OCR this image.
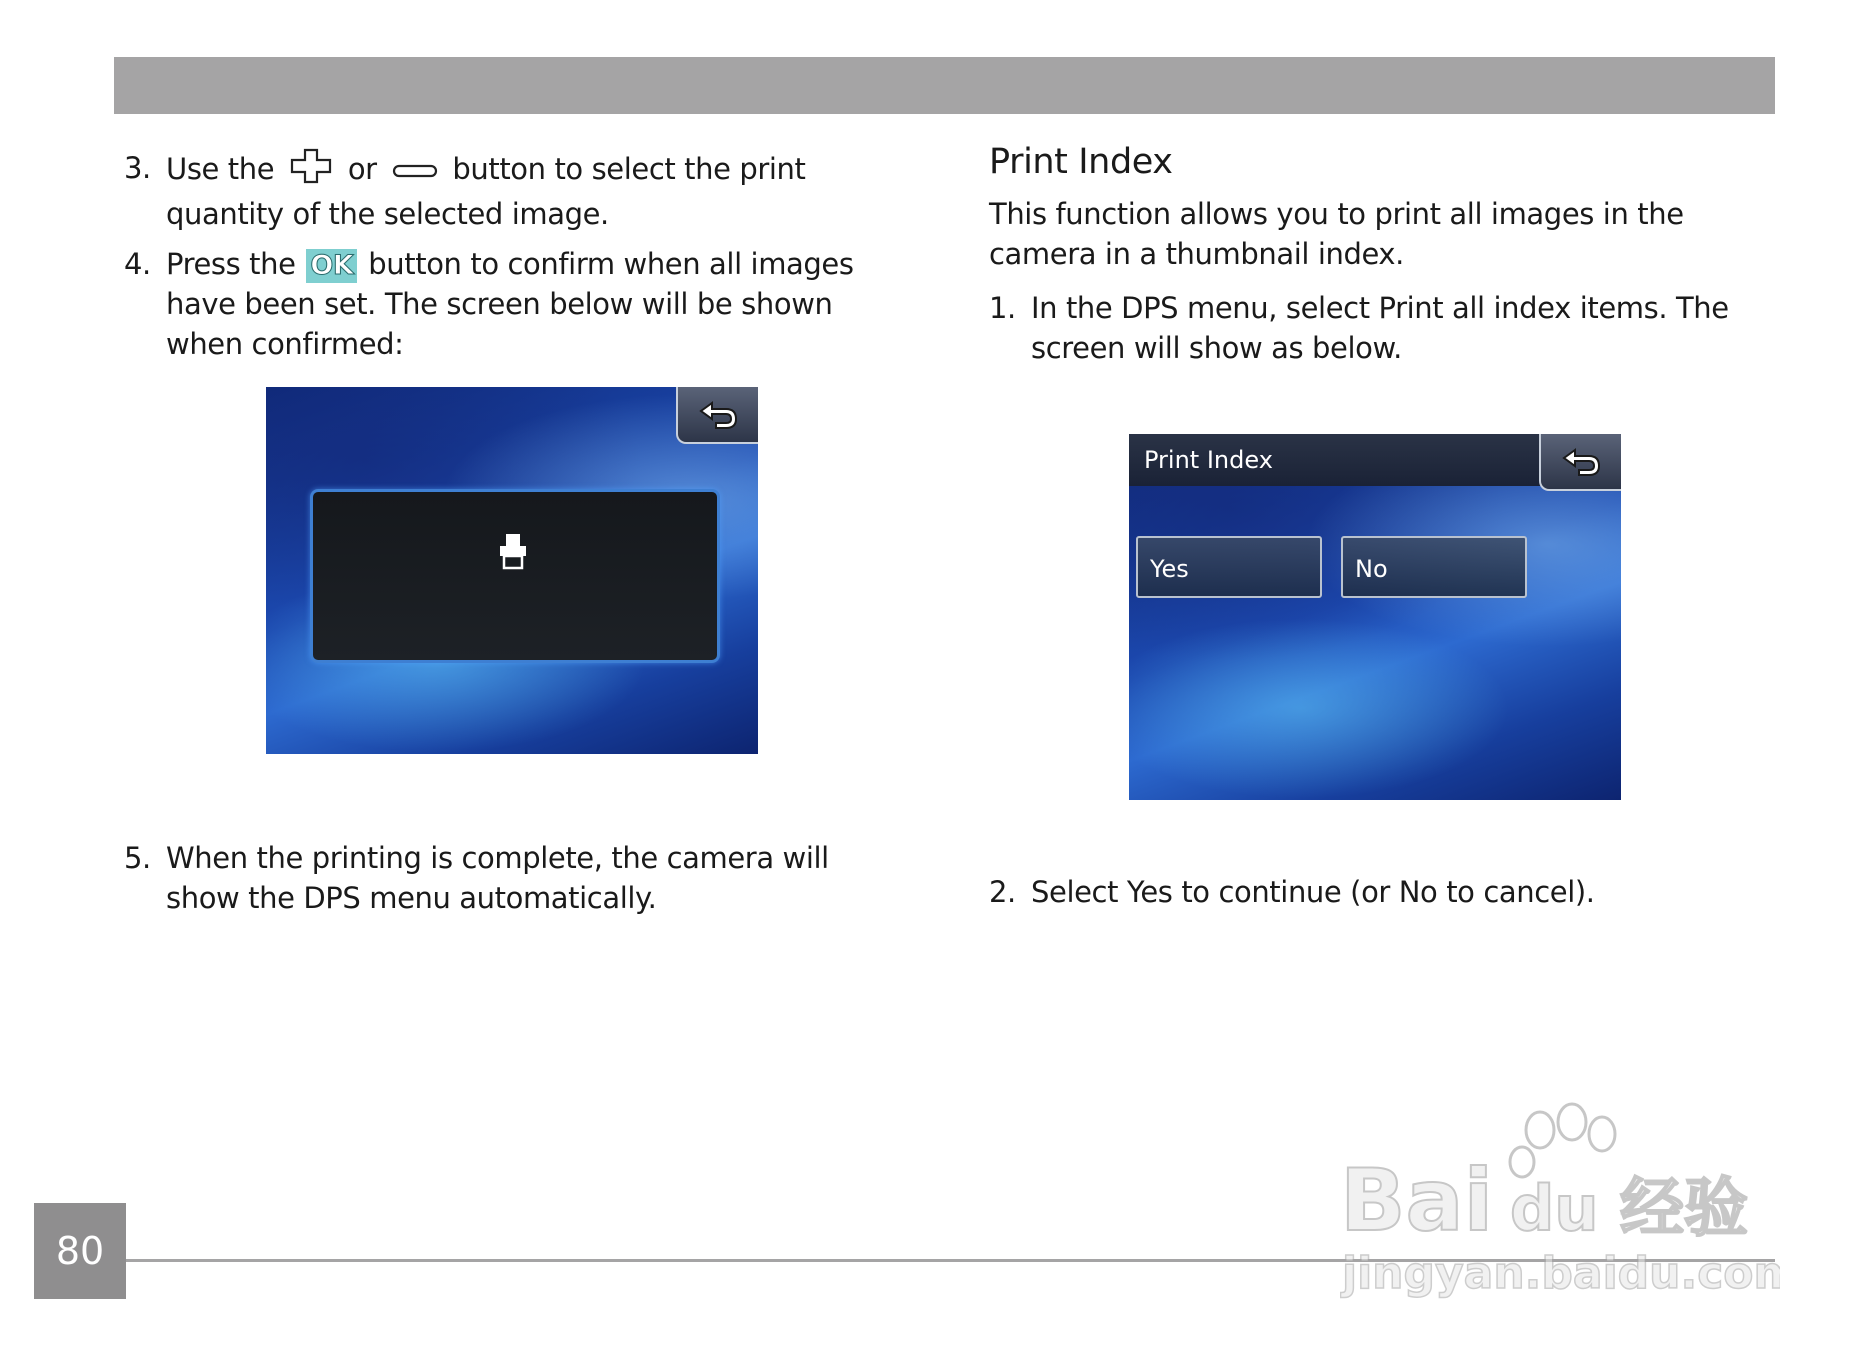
3. Use the	or	button to select the print quantity of the selected image.
4. Press the OK button to confirm when all images have been set. The screen below will be shown when confirmed:
5. When the printing is complete, the camera will show the DPS menu automatically.
Print Index
This function allows you to print all images in the camera in a thumbnail index.
1. In the DPS menu, select Print all index items. The screen will show as below.
Print Index
Yes	No
2. Select Yes to continue (or No to cancel).
80	Bai du 经验
jingyan.baidu.com
